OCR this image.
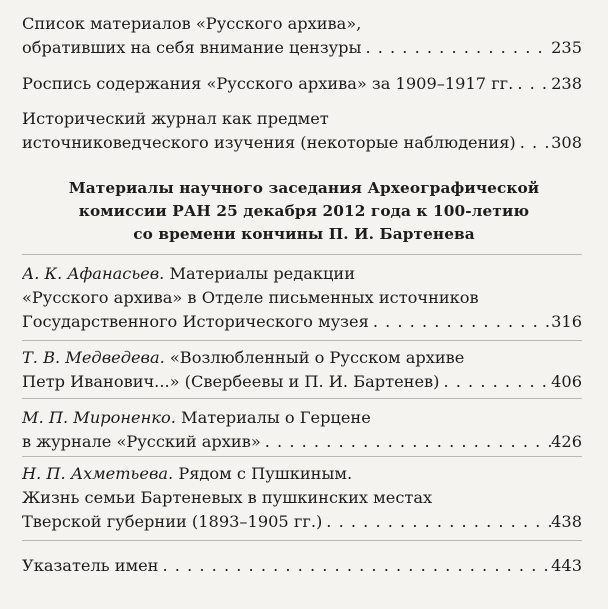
Список материалов «Русского архива»,
обративших на себя внимание цензуры . . .	235
Роспись содержания «Русского архива» за 1909–1917 гг. . . . 238
Исторический журнал как предмет
источниковедческого изучения (некоторые наблюдения) . . . 308
Материалы научного заседания Археографической
комиссии РАН 25 декабря 2012 года к 100-летию
со времени кончины П. И. Бартенева
А. К. Афанасьев. Материалы редакции
«Русского архива» в Отделе письменных источников
Государственного Исторического музея . . .	316
Т. В. Медведева. «Возлюбленный о Русском архиве
Петр Иванович...» (Свербеевы и П. И. Бартенев) . . .	406
М. П. Мироненко. Материалы о Герцене
в журнале «Русский архив» . . .	426
Н. П. Ахметьева. Рядом с Пушкиным.
Жизнь семьи Бартеневых в пушкинских местах
Тверской губернии (1893–1905 гг.) . . .	438
Указатель имен . . .	443
